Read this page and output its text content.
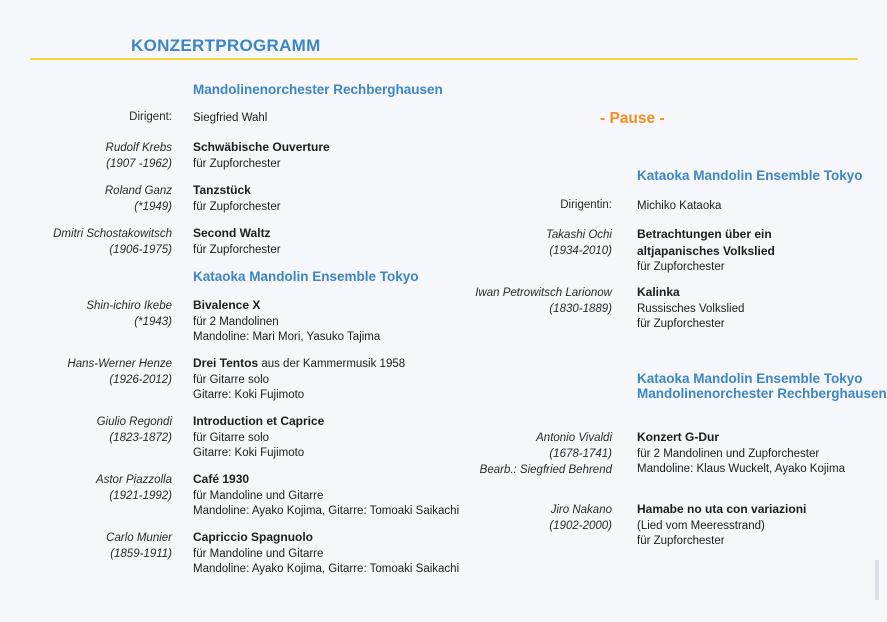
KONZERTPROGRAMM
Mandolinenorchester Rechberghausen
Dirigent: Siegfried Wahl
Rudolf Krebs
(1907 -1962)
Schwäbische Ouverture
für Zupforchester
Roland Ganz
(*1949)
Tanzstück
für Zupforchester
Dmitri Schostakowitsch
(1906-1975)
Second Waltz
für Zupforchester
Kataoka Mandolin Ensemble Tokyo
Shin-ichiro Ikebe
(*1943)
Bivalence X
für 2 Mandolinen
Mandoline: Mari Mori, Yasuko Tajima
Hans-Werner Henze
(1926-2012)
Drei Tentos aus der Kammermusik 1958
für Gitarre solo
Gitarre: Koki Fujimoto
Giulio Regondi
(1823-1872)
Introduction et Caprice
für Gitarre solo
Gitarre: Koki Fujimoto
Astor Piazzolla
(1921-1992)
Café 1930
für Mandoline und Gitarre
Mandoline: Ayako Kojima, Gitarre: Tomoaki Saikachi
Carlo Munier
(1859-1911)
Capriccio Spagnuolo
für Mandoline und Gitarre
Mandoline: Ayako Kojima, Gitarre: Tomoaki Saikachi
- Pause -
Kataoka Mandolin Ensemble Tokyo
Dirigentin: Michiko Kataoka
Takashi Ochi
(1934-2010)
Betrachtungen über ein
altjapanisches Volkslied
für Zupforchester
Iwan Petrowitsch Larionow
(1830-1889)
Kalinka
Russisches Volkslied
für Zupforchester
Kataoka Mandolin Ensemble Tokyo
Mandolinenorchester Rechberghausen
Antonio Vivaldi
(1678-1741)
Bearb.: Siegfried Behrend
Konzert G-Dur
für 2 Mandolinen und Zupforchester
Mandoline: Klaus Wuckelt, Ayako Kojima
Jiro Nakano
(1902-2000)
Hamabe no uta con variazioni
(Lied vom Meeresstrand)
für Zupforchester
